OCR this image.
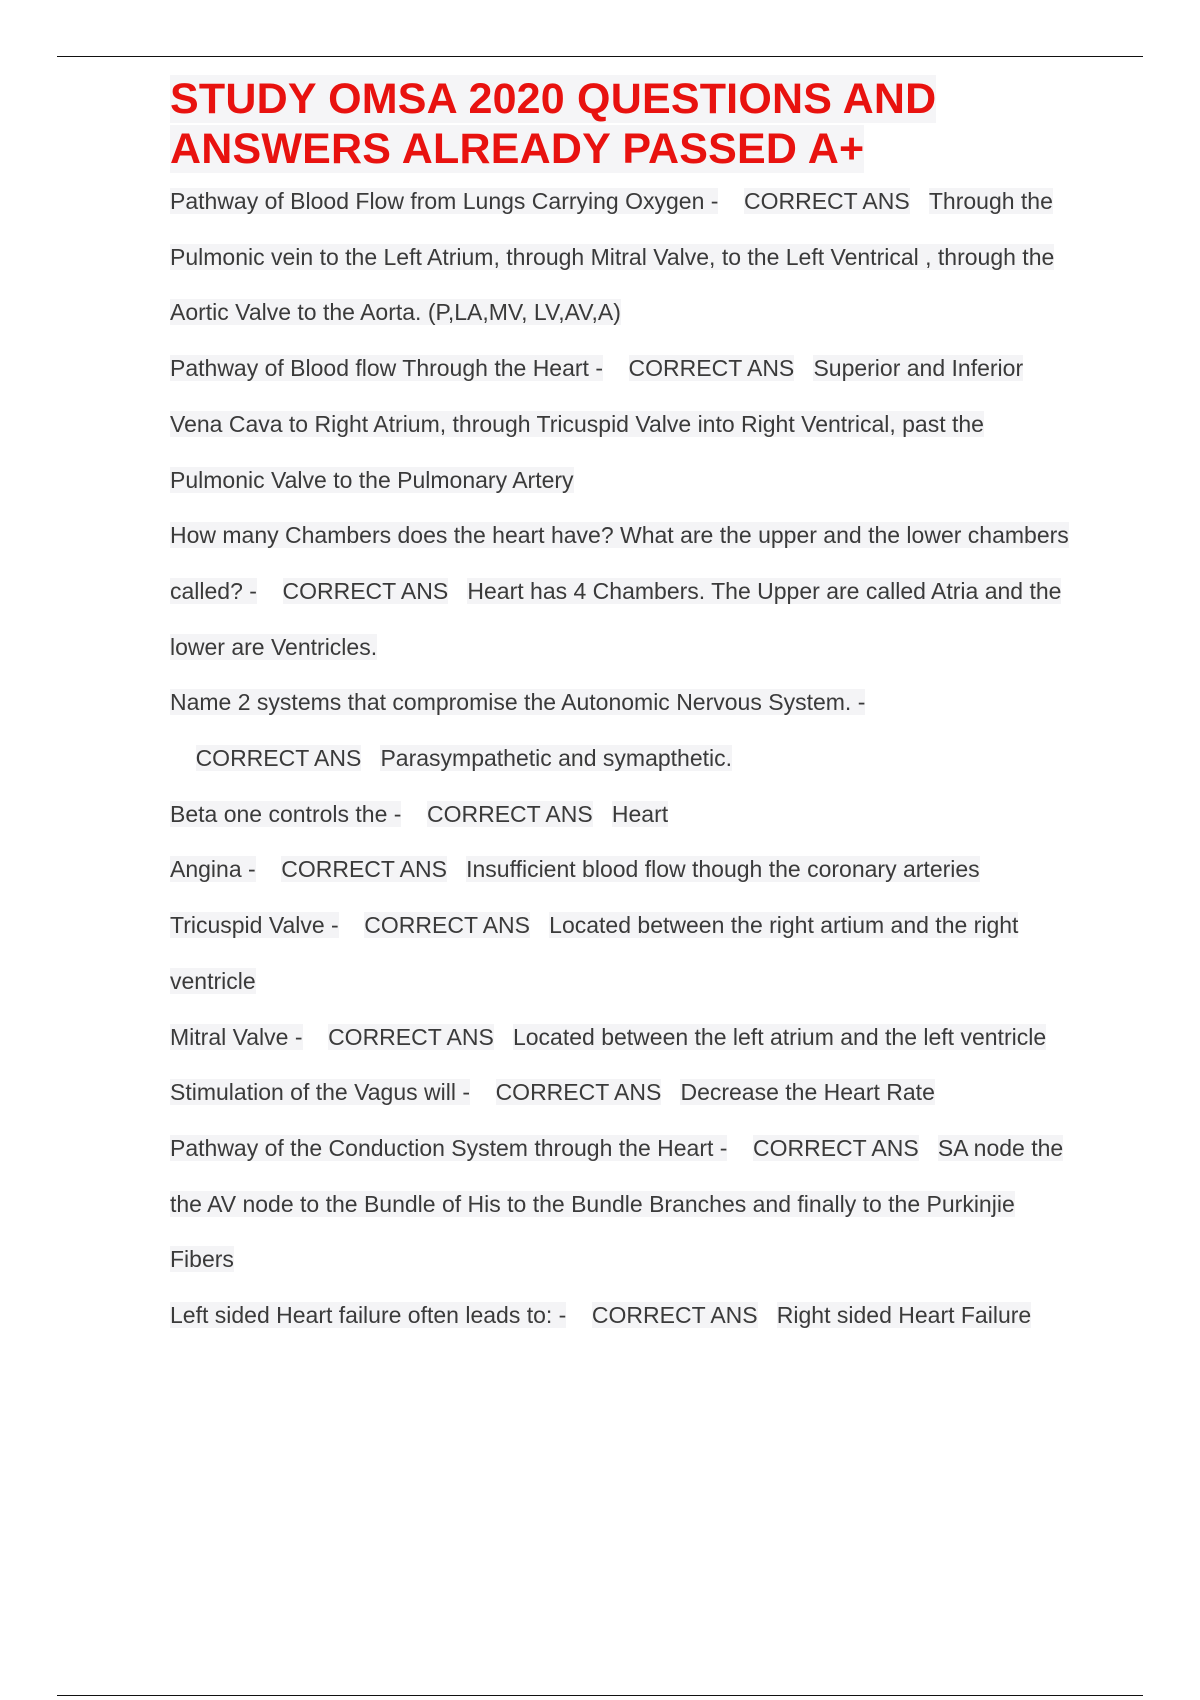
STUDY OMSA 2020 QUESTIONS AND
ANSWERS ALREADY PASSED A+

Pathway of Blood Flow from Lungs Carrying Oxygen - CORRECT ANS Through the Pulmonic vein to the Left Atrium, through Mitral Valve, to the Left Ventrical , through the Aortic Valve to the Aorta. (P,LA,MV, LV,AV,A)

Pathway of Blood flow Through the Heart - CORRECT ANS Superior and Inferior Vena Cava to Right Atrium, through Tricuspid Valve into Right Ventrical, past the Pulmonic Valve to the Pulmonary Artery

How many Chambers does the heart have? What are the upper and the lower chambers called? - CORRECT ANS Heart has 4 Chambers. The Upper are called Atria and the lower are Ventricles.

Name 2 systems that compromise the Autonomic Nervous System. -    CORRECT ANS Parasympathetic and symapthetic.

Beta one controls the - CORRECT ANS Heart

Angina - CORRECT ANS Insufficient blood flow though the coronary arteries

Tricuspid Valve - CORRECT ANS Located between the right artium and the right ventricle

Mitral Valve - CORRECT ANS Located between the left atrium and the left ventricle

Stimulation of the Vagus will - CORRECT ANS Decrease the Heart Rate

Pathway of the Conduction System through the Heart - CORRECT ANS SA node the the AV node to the Bundle of His to the Bundle Branches and finally to the Purkinjie Fibers

Left sided Heart failure often leads to: - CORRECT ANS Right sided Heart Failure
